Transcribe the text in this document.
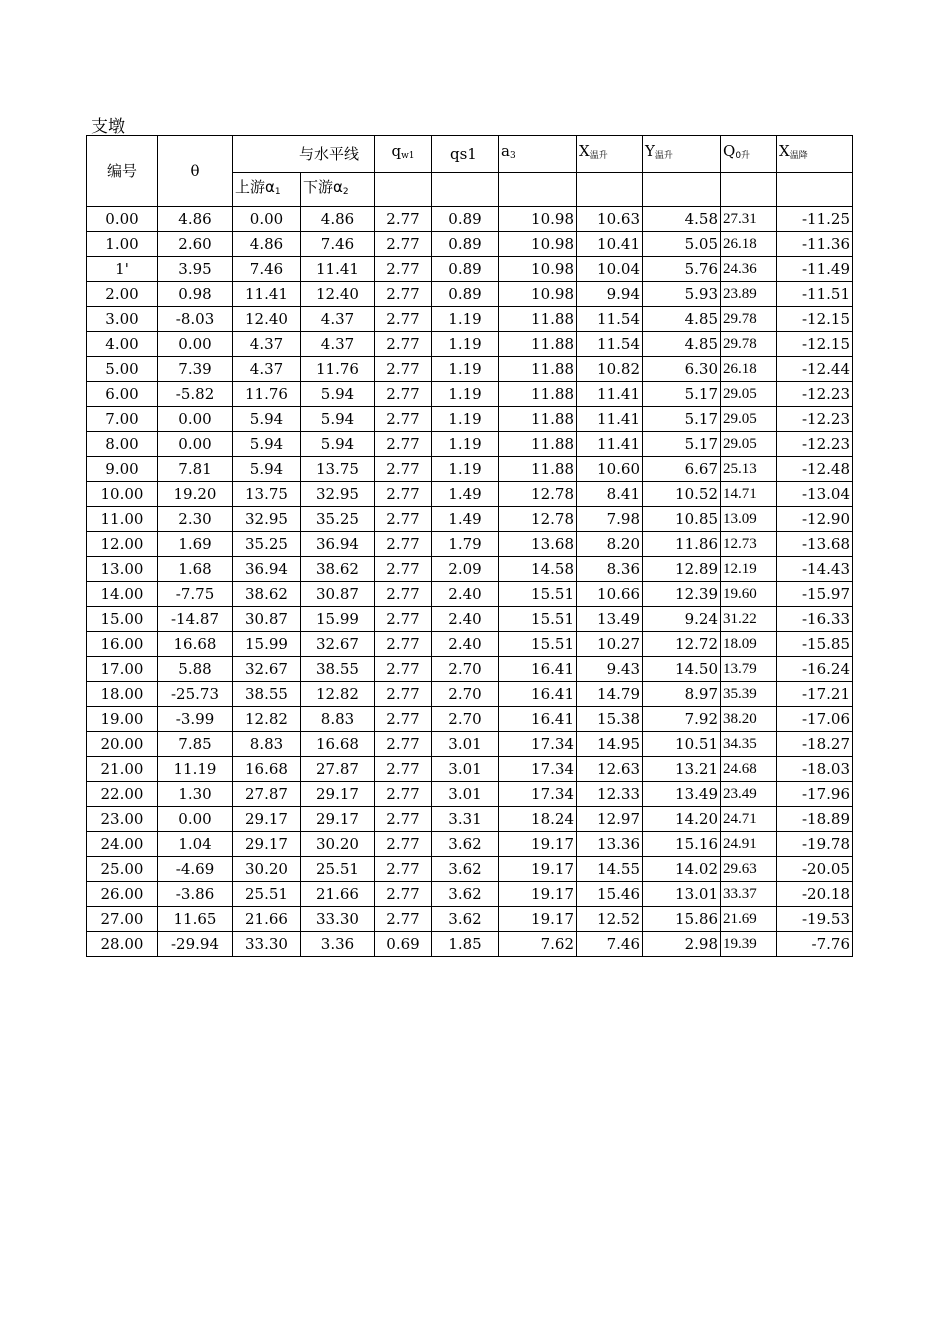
支墩
编号	θ	与水平线		$q_{w1}$	qs1	$a_3$	$X_{温升}$	$Y_{温升}$	$Q_{0升}$	$X_{温降}$
		上游$\alpha_1$	下游$\alpha_2$							
0.00	4.86	0.00	4.86	2.77	0.89	10.98	10.63	4.58	27.31	-11.25
1.00	2.60	4.86	7.46	2.77	0.89	10.98	10.41	5.05	26.18	-11.36
1'	3.95	7.46	11.41	2.77	0.89	10.98	10.04	5.76	24.36	-11.49
2.00	0.98	11.41	12.40	2.77	0.89	10.98	9.94	5.93	23.89	-11.51
3.00	-8.03	12.40	4.37	2.77	1.19	11.88	11.54	4.85	29.78	-12.15
4.00	0.00	4.37	4.37	2.77	1.19	11.88	11.54	4.85	29.78	-12.15
5.00	7.39	4.37	11.76	2.77	1.19	11.88	10.82	6.30	26.18	-12.44
6.00	-5.82	11.76	5.94	2.77	1.19	11.88	11.41	5.17	29.05	-12.23
7.00	0.00	5.94	5.94	2.77	1.19	11.88	11.41	5.17	29.05	-12.23
8.00	0.00	5.94	5.94	2.77	1.19	11.88	11.41	5.17	29.05	-12.23
9.00	7.81	5.94	13.75	2.77	1.19	11.88	10.60	6.67	25.13	-12.48
10.00	19.20	13.75	32.95	2.77	1.49	12.78	8.41	10.52	14.71	-13.04
11.00	2.30	32.95	35.25	2.77	1.49	12.78	7.98	10.85	13.09	-12.90
12.00	1.69	35.25	36.94	2.77	1.79	13.68	8.20	11.86	12.73	-13.68
13.00	1.68	36.94	38.62	2.77	2.09	14.58	8.36	12.89	12.19	-14.43
14.00	-7.75	38.62	30.87	2.77	2.40	15.51	10.66	12.39	19.60	-15.97
15.00	-14.87	30.87	15.99	2.77	2.40	15.51	13.49	9.24	31.22	-16.33
16.00	16.68	15.99	32.67	2.77	2.40	15.51	10.27	12.72	18.09	-15.85
17.00	5.88	32.67	38.55	2.77	2.70	16.41	9.43	14.50	13.79	-16.24
18.00	-25.73	38.55	12.82	2.77	2.70	16.41	14.79	8.97	35.39	-17.21
19.00	-3.99	12.82	8.83	2.77	2.70	16.41	15.38	7.92	38.20	-17.06
20.00	7.85	8.83	16.68	2.77	3.01	17.34	14.95	10.51	34.35	-18.27
21.00	11.19	16.68	27.87	2.77	3.01	17.34	12.63	13.21	24.68	-18.03
22.00	1.30	27.87	29.17	2.77	3.01	17.34	12.33	13.49	23.49	-17.96
23.00	0.00	29.17	29.17	2.77	3.31	18.24	12.97	14.20	24.71	-18.89
24.00	1.04	29.17	30.20	2.77	3.62	19.17	13.36	15.16	24.91	-19.78
25.00	-4.69	30.20	25.51	2.77	3.62	19.17	14.55	14.02	29.63	-20.05
26.00	-3.86	25.51	21.66	2.77	3.62	19.17	15.46	13.01	33.37	-20.18
27.00	11.65	21.66	33.30	2.77	3.62	19.17	12.52	15.86	21.69	-19.53
28.00	-29.94	33.30	3.36	0.69	1.85	7.62	7.46	2.98	19.39	-7.76
